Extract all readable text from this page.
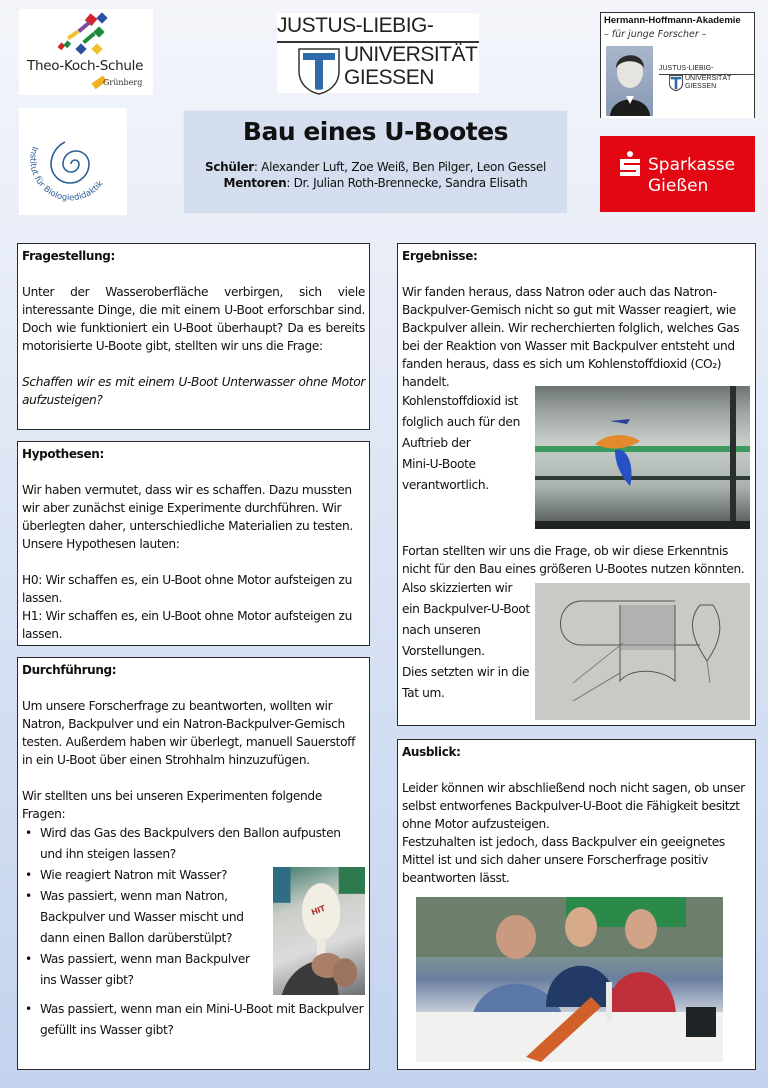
Theo-Koch-Schule
Grünberg
JUSTUS-LIEBIG-
UNIVERSITÄT
GIESSEN
Institut für Biologiedidaktik
Bau eines U-Bootes
Schüler: Alexander Luft, Zoe Weiß, Ben Pilger, Leon Gessel
Mentoren: Dr. Julian Roth-Brennecke, Sandra Elisath
Hermann-Hoffmann-Akademie
– für junge Forscher –
JUSTUS-LIEBIG-
UNIVERSITÄT
GIESSEN
Sparkasse
Gießen
Fragestellung:

Unter der Wasseroberfläche verbirgen, sich viele interessante Dinge, die mit einem U-Boot erforschbar sind. Doch wie funktioniert ein U-Boot überhaupt? Da es bereits motorisierte U-Boote gibt, stellten wir uns die Frage:

Schaffen wir es mit einem U-Boot Unterwasser ohne Motor aufzusteigen?

Hypothesen:

Wir haben vermutet, dass wir es schaffen. Dazu mussten wir aber zunächst einige Experimente durchführen. Wir überlegten daher, unterschiedliche Materialien zu testen. Unsere Hypothesen lauten:

H0: Wir schaffen es, ein U-Boot ohne Motor aufsteigen zu lassen.

H1: Wir schaffen es, ein U-Boot ohne Motor aufsteigen zu lassen.

Durchführung:

Um unsere Forscherfrage zu beantworten, wollten wir Natron, Backpulver und ein Natron-Backpulver-Gemisch testen. Außerdem haben wir überlegt, manuell Sauerstoff in ein U-Boot über einen Strohhalm hinzuzufügen.

Wir stellten uns bei unseren Experimenten folgende Fragen:

• Wird das Gas des Backpulvers den Ballon aufpusten und ihn steigen lassen?
HIT
• Wie reagiert Natron mit Wasser?
• Was passiert, wenn man Natron, Backpulver und Wasser mischt und dann einen Ballon darüberstülpt?
• Was passiert, wenn man Backpulver ins Wasser gibt?
• Was passiert, wenn man ein Mini-U-Boot mit Backpulver gefüllt ins Wasser gibt?
Ergebnisse:

Wir fanden heraus, dass Natron oder auch das Natron-Backpulver-Gemisch nicht so gut mit Wasser reagiert, wie Backpulver allein. Wir recherchierten folglich, welches Gas bei der Reaktion von Wasser mit Backpulver entsteht und fanden heraus, dass es sich um Kohlenstoffdioxid (CO₂) handelt.

Kohlenstoffdioxid ist
folglich auch für den
Auftrieb der
Mini-U-Boote
verantwortlich.

Fortan stellten wir uns die Frage, ob wir diese Erkenntnis nicht für den Bau eines größeren U-Bootes nutzen könnten.

Also skizzierten wir
ein Backpulver-U-Boot
nach unseren
Vorstellungen.
Dies setzten wir in die
Tat um.
Ausblick:

Leider können wir abschließend noch nicht sagen, ob unser selbst entworfenes Backpulver-U-Boot die Fähigkeit besitzt ohne Motor aufzusteigen.

Festzuhalten ist jedoch, dass Backpulver ein geeignetes Mittel ist und sich daher unsere Forscherfrage positiv beantworten lässt.
